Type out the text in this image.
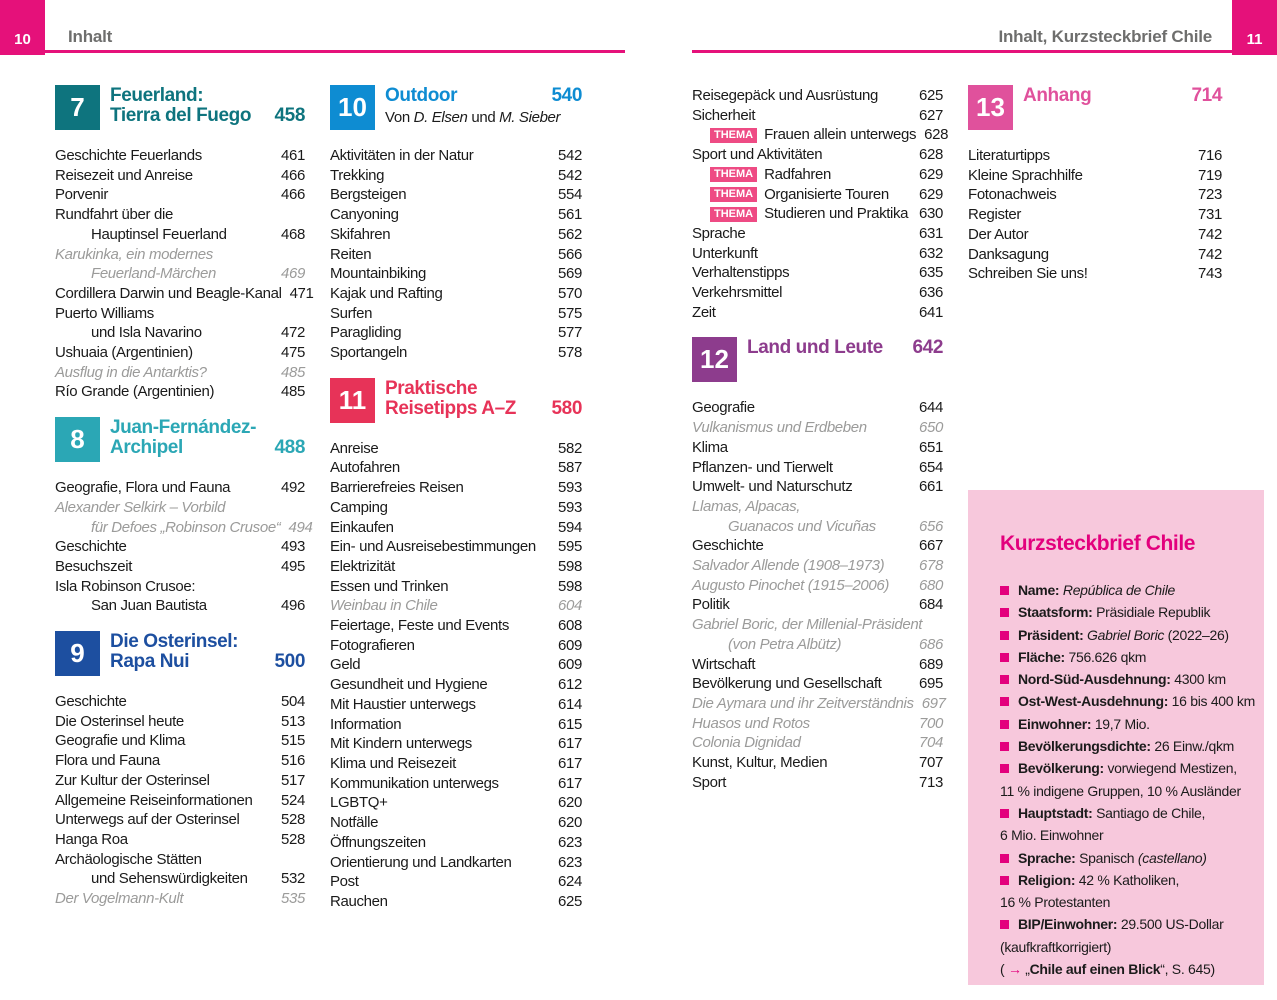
10 Inhalt	11
Inhalt, Kurzsteckbrief Chile
7	Feuerland:
Tierra del Fuego	458
Geschichte Feuerlands	461
Reisezeit und Anreise	466
Porvenir	466
Rundfahrt über die
Hauptinsel Feuerland	468
Karukinka, ein modernes
Feuerland-Märchen	469
Cordillera Darwin und Beagle-Kanal 471
Puerto Williams
und Isla Navarino	472
Ushuaia (Argentinien)	475
Ausflug in die Antarktis?	485
Río Grande (Argentinien)	485
8	Juan-Fernández-
Archipel	488
Geografie, Flora und Fauna	492
Alexander Selkirk – Vorbild
für Defoes „Robinson Crusoe“ 494
Geschichte	493
Besuchszeit	495
Isla Robinson Crusoe:
San Juan Bautista	496
9	Die Osterinsel:
Rapa Nui	500
Geschichte	504
Die Osterinsel heute	513
Geografie und Klima	515
Flora und Fauna	516
Zur Kultur der Osterinsel	517
Allgemeine Reiseinformationen	524
Unterwegs auf der Osterinsel	528
Hanga Roa	528
Archäologische Stätten
und Sehenswürdigkeiten	532
Der Vogelmann-Kult	535
10 Outdoor	540
Von D. Elsen und M. Sieber
Aktivitäten in der Natur	542
Trekking	542
Bergsteigen	554
Canyoning	561
Skifahren	562
Reiten	566
Mountainbiking	569
Kajak und Rafting	570
Surfen	575
Paragliding	577
Sportangeln	578
11 Praktische
Reisetipps A–Z	580
Anreise	582
Autofahren	587
Barrierefreies Reisen	593
Camping	593
Einkaufen	594
Ein- und Ausreisebestimmungen	595
Elektrizität	598
Essen und Trinken	598
Weinbau in Chile	604
Feiertage, Feste und Events	608
Fotografieren	609
Geld	609
Gesundheit und Hygiene	612
Mit Haustier unterwegs	614
Information	615
Mit Kindern unterwegs	617
Klima und Reisezeit	617
Kommunikation unterwegs	617
LGBTQ+	620
Notfälle	620
Öffnungszeiten	623
Orientierung und Landkarten	623
Post	624
Rauchen	625
Reisegepäck und Ausrüstung	625
Sicherheit	627
THEMA Frauen allein unterwegs 628
Sport und Aktivitäten	628
THEMA Radfahren	629
THEMA Organisierte Touren	629
THEMA Studieren und Praktika 630
Sprache	631
Unterkunft	632
Verhaltenstipps	635
Verkehrsmittel	636
Zeit	641
12 Land und Leute	642
Geografie	644
Vulkanismus und Erdbeben	650
Klima	651
Pflanzen- und Tierwelt	654
Umwelt- und Naturschutz	661
Llamas, Alpacas,
Guanacos und Vicuñas	656
Geschichte	667
Salvador Allende (1908–1973)	678
Augusto Pinochet (1915–2006)	680
Politik	684
Gabriel Boric, der Millenial-Präsident
(von Petra Albütz)	686
Wirtschaft	689
Bevölkerung und Gesellschaft	695
Die Aymara und ihr Zeitverständnis 697
Huasos und Rotos	700
Colonia Dignidad	704
Kunst, Kultur, Medien	707
Sport	713
13 Anhang	714
Literaturtipps	716
Kleine Sprachhilfe	719
Fotonachweis	723
Register	731
Der Autor	742
Danksagung	742
Schreiben Sie uns!	743
Kurzsteckbrief Chile
Name: República de Chile
Staatsform: Präsidiale Republik
Präsident: Gabriel Boric (2022–26)
Fläche: 756.626 qkm
Nord-Süd-Ausdehnung: 4300 km
Ost-West-Ausdehnung: 16 bis 400 km
Einwohner: 19,7 Mio.
Bevölkerungsdichte: 26 Einw./qkm
Bevölkerung: vorwiegend Mestizen,
11 % indigene Gruppen, 10 % Ausländer
Hauptstadt: Santiago de Chile,
6 Mio. Einwohner
Sprache: Spanisch (castellano)
Religion: 42 % Katholiken,
16 % Protestanten
BIP/Einwohner: 29.500 US-Dollar
(kaufkraftkorrigiert)
( → „Chile auf einen Blick“, S. 645)
